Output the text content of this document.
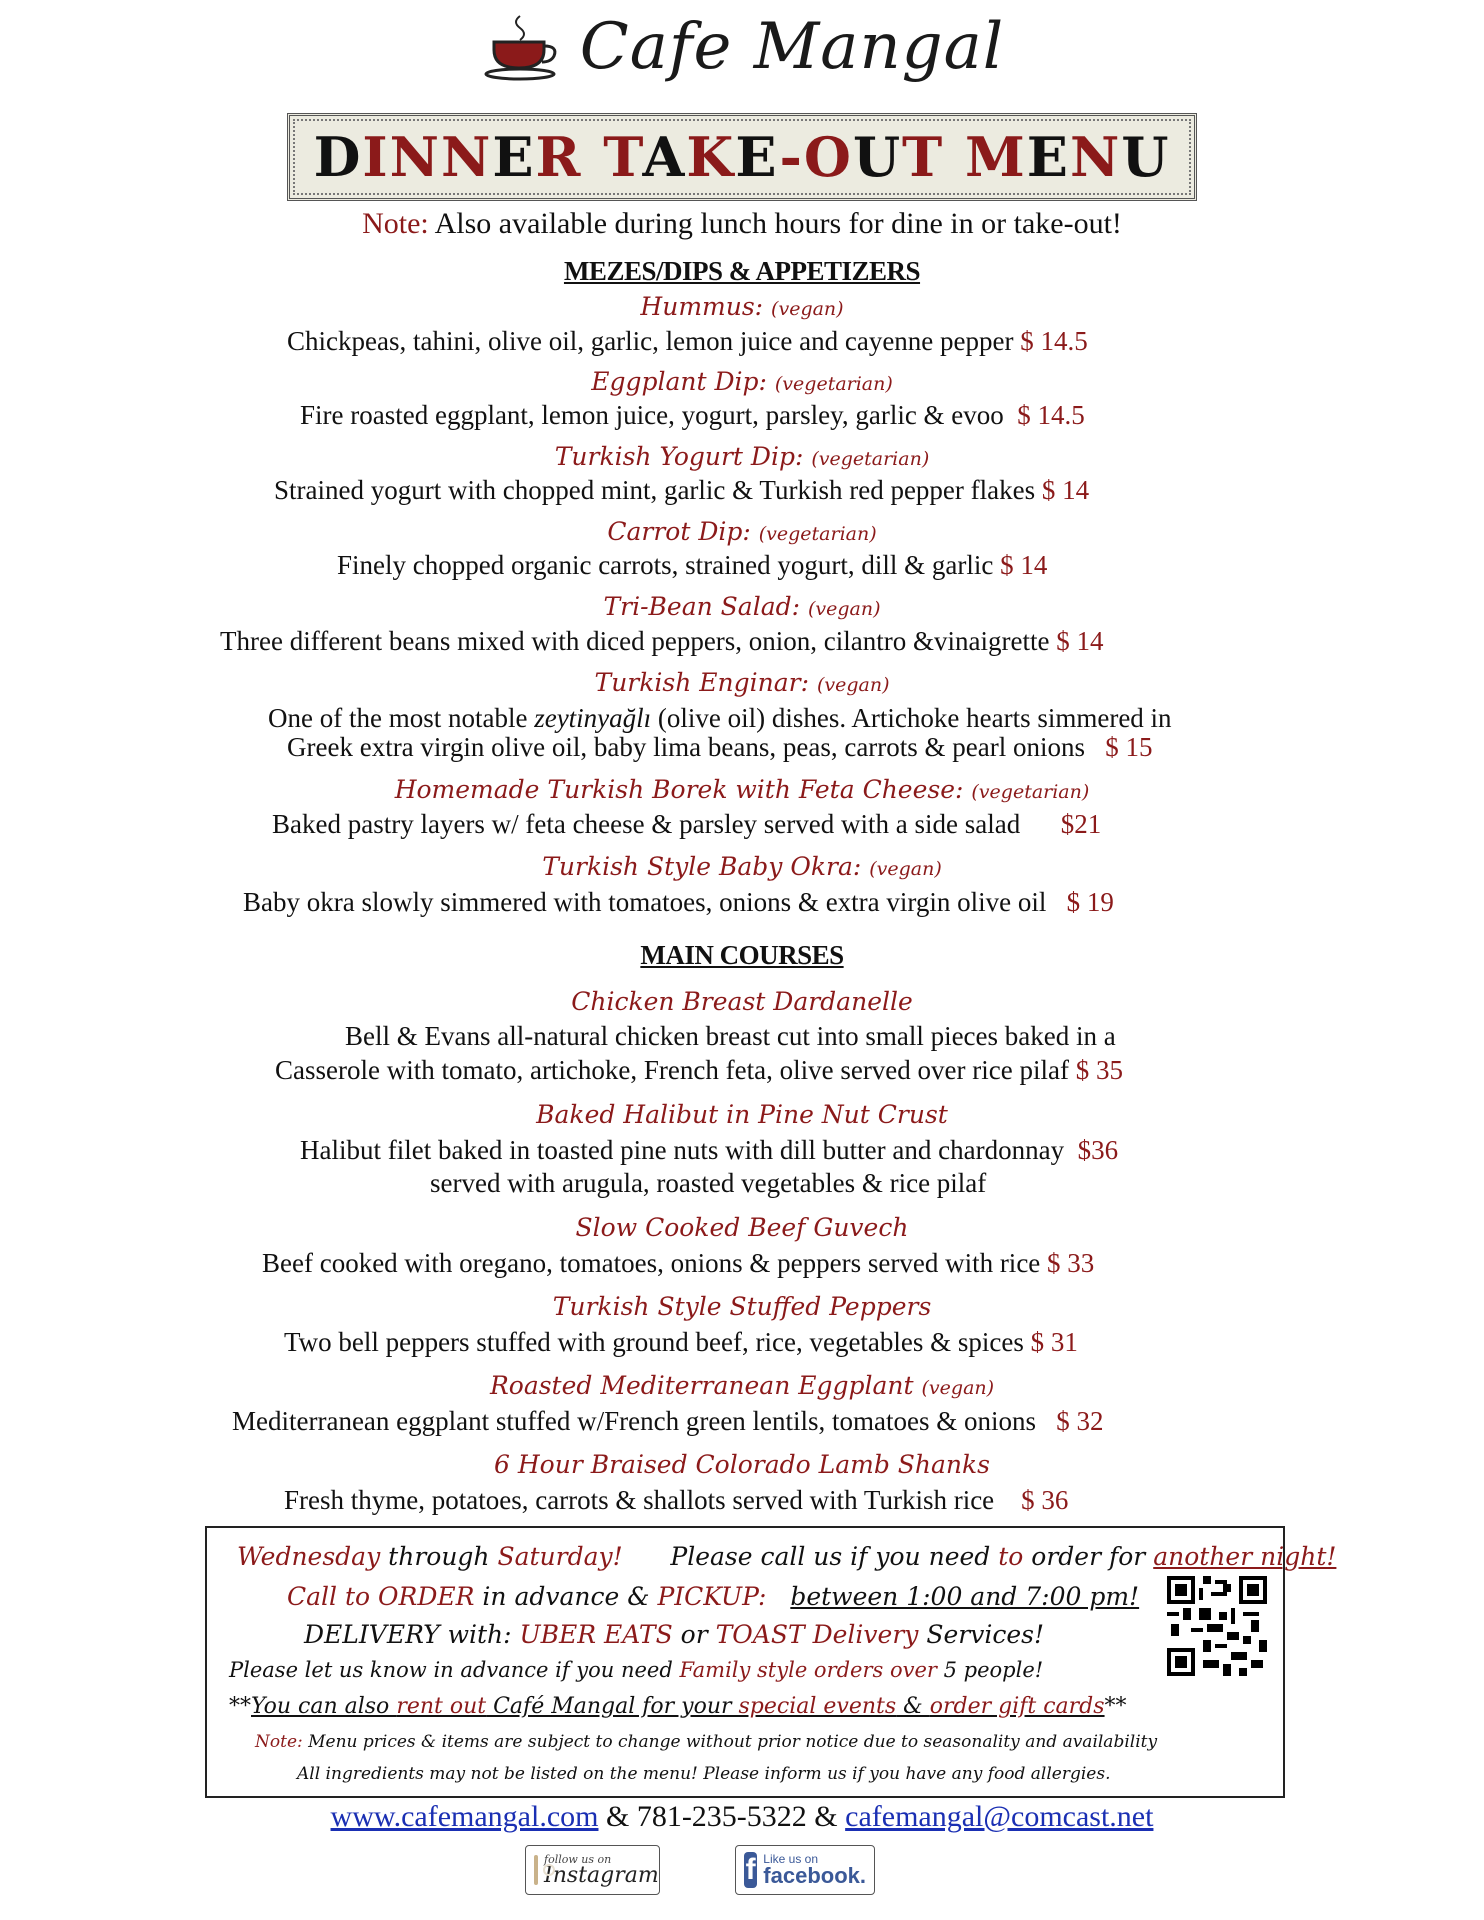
Cafe Mangal
DINNER TAKE-OUT MENU
Note: Also available during lunch hours for dine in or take-out!
MEZES/DIPS & APPETIZERS
Hummus: (vegan)
Chickpeas, tahini, olive oil, garlic, lemon juice and cayenne pepper $ 14.5
Eggplant Dip: (vegetarian)
Fire roasted eggplant, lemon juice, yogurt, parsley, garlic & evoo $ 14.5
Turkish Yogurt Dip: (vegetarian)
Strained yogurt with chopped mint, garlic & Turkish red pepper flakes $ 14
Carrot Dip: (vegetarian)
Finely chopped organic carrots, strained yogurt, dill & garlic $ 14
Tri-Bean Salad: (vegan)
Three different beans mixed with diced peppers, onion, cilantro &vinaigrette $ 14
Turkish Enginar: (vegan)
One of the most notable zeytinyağlı (olive oil) dishes. Artichoke hearts simmered in
Greek extra virgin olive oil, baby lima beans, peas, carrots & pearl onions $ 15
Homemade Turkish Borek with Feta Cheese: (vegetarian)
Baked pastry layers w/ feta cheese & parsley served with a side salad $21
Turkish Style Baby Okra: (vegan)
Baby okra slowly simmered with tomatoes, onions & extra virgin olive oil $ 19
MAIN COURSES
Chicken Breast Dardanelle
Bell & Evans all-natural chicken breast cut into small pieces baked in a
Casserole with tomato, artichoke, French feta, olive served over rice pilaf $ 35
Baked Halibut in Pine Nut Crust
Halibut filet baked in toasted pine nuts with dill butter and chardonnay $36
served with arugula, roasted vegetables & rice pilaf
Slow Cooked Beef Guvech
Beef cooked with oregano, tomatoes, onions & peppers served with rice $ 33
Turkish Style Stuffed Peppers
Two bell peppers stuffed with ground beef, rice, vegetables & spices $ 31
Roasted Mediterranean Eggplant (vegan)
Mediterranean eggplant stuffed w/French green lentils, tomatoes & onions $ 32
6 Hour Braised Colorado Lamb Shanks
Fresh thyme, potatoes, carrots & shallots served with Turkish rice $ 36
Wednesday through Saturday! Please call us if you need to order for another night!
Call to ORDER in advance & PICKUP: between 1:00 and 7:00 pm!
DELIVERY with: UBER EATS or TOAST Delivery Services!
Please let us know in advance if you need Family style orders over 5 people!
**You can also rent out Café Mangal for your special events & order gift cards**
Note: Menu prices & items are subject to change without prior notice due to seasonality and availability
All ingredients may not be listed on the menu! Please inform us if you have any food allergies.
www.cafemangal.com & 781-235-5322 & cafemangal@comcast.net
follow us on
Instagram	f Like us on
facebook.
